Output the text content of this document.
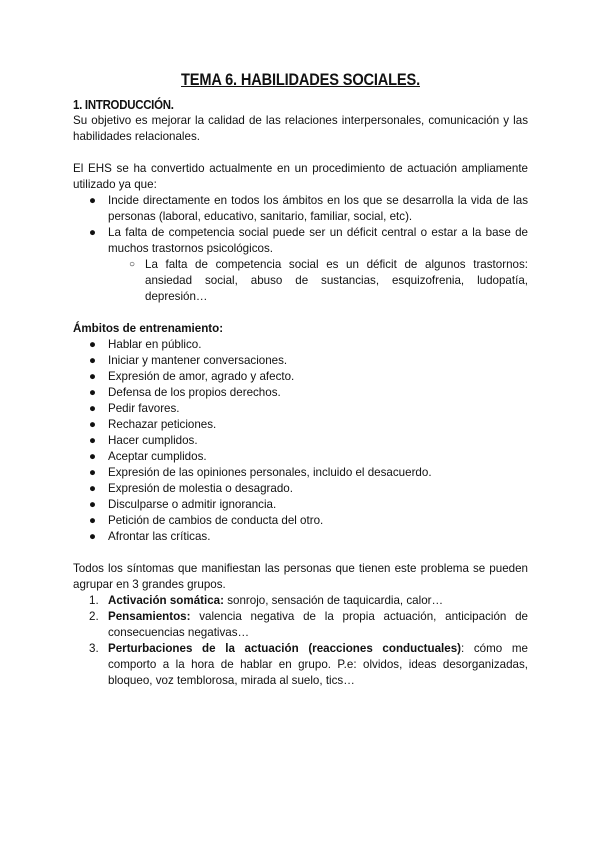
TEMA 6. HABILIDADES SOCIALES.
1. INTRODUCCIÓN.

Su objetivo es mejorar la calidad de las relaciones interpersonales, comunicación y las habilidades relacionales.

El EHS se ha convertido actualmente en un procedimiento de actuación ampliamente utilizado ya que:

● Incide directamente en todos los ámbitos en los que se desarrolla la vida de las personas (laboral, educativo, sanitario, familiar, social, etc).
● La falta de competencia social puede ser un déficit central o estar a la base de muchos trastornos psicológicos.
○ La falta de competencia social es un déficit de algunos trastornos: ansiedad social, abuso de sustancias, esquizofrenia, ludopatía, depresión…
Ámbitos de entrenamiento:
● Hablar en público.
● Iniciar y mantener conversaciones.
● Expresión de amor, agrado y afecto.
● Defensa de los propios derechos.
● Pedir favores.
● Rechazar peticiones.
● Hacer cumplidos.
● Aceptar cumplidos.
● Expresión de las opiniones personales, incluido el desacuerdo.
● Expresión de molestia o desagrado.
● Disculparse o admitir ignorancia.
● Petición de cambios de conducta del otro.
● Afrontar las críticas.

Todos los síntomas que manifiestan las personas que tienen este problema se pueden agrupar en 3 grandes grupos.

1. Activación somática: sonrojo, sensación de taquicardia, calor…
2. Pensamientos: valencia negativa de la propia actuación, anticipación de consecuencias negativas…
3. Perturbaciones de la actuación (reacciones conductuales): cómo me comporto a la hora de hablar en grupo. P.e: olvidos, ideas desorganizadas, bloqueo, voz temblorosa, mirada al suelo, tics…
